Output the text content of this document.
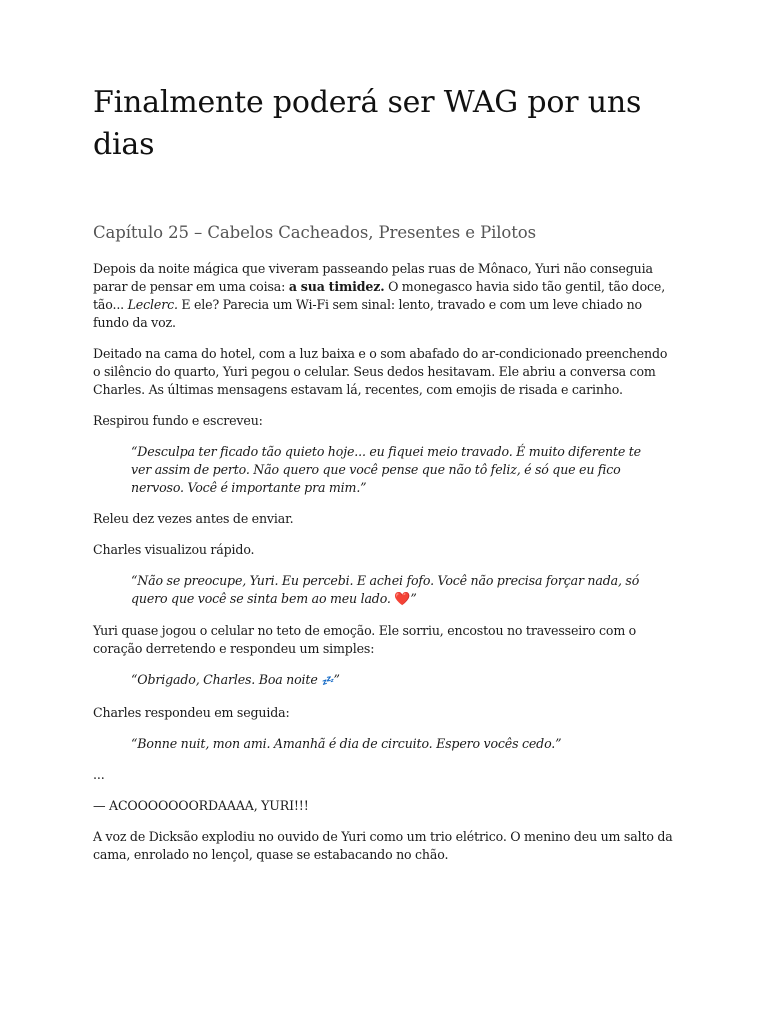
Finalmente poderá ser WAG por uns dias
Capítulo 25 – Cabelos Cacheados, Presentes e Pilotos

Depois da noite mágica que viveram passeando pelas ruas de Mônaco, Yuri não conseguia parar de pensar em uma coisa: a sua timidez. O monegasco havia sido tão gentil, tão doce, tão... Leclerc. E ele? Parecia um Wi-Fi sem sinal: lento, travado e com um leve chiado no fundo da voz.

Deitado na cama do hotel, com a luz baixa e o som abafado do ar-condicionado preenchendo o silêncio do quarto, Yuri pegou o celular. Seus dedos hesitavam. Ele abriu a conversa com Charles. As últimas mensagens estavam lá, recentes, com emojis de risada e carinho.

Respirou fundo e escreveu:

“Desculpa ter ficado tão quieto hoje... eu fiquei meio travado. É muito diferente te ver assim de perto. Não quero que você pense que não tô feliz, é só que eu fico nervoso. Você é importante pra mim.”

Releu dez vezes antes de enviar.

Charles visualizou rápido.

“Não se preocupe, Yuri. Eu percebi. E achei fofo. Você não precisa forçar nada, só quero que você se sinta bem ao meu lado. ❤️”

Yuri quase jogou o celular no teto de emoção. Ele sorriu, encostou no travesseiro com o coração derretendo e respondeu um simples:

“Obrigado, Charles. Boa noite 💤”

Charles respondeu em seguida:

“Bonne nuit, mon ami. Amanhã é dia de circuito. Espero vocês cedo.”

...

— ACOOOOOOORDAAAA, YURI!!!

A voz de Dicksão explodiu no ouvido de Yuri como um trio elétrico. O menino deu um salto da cama, enrolado no lençol, quase se estabacando no chão.
